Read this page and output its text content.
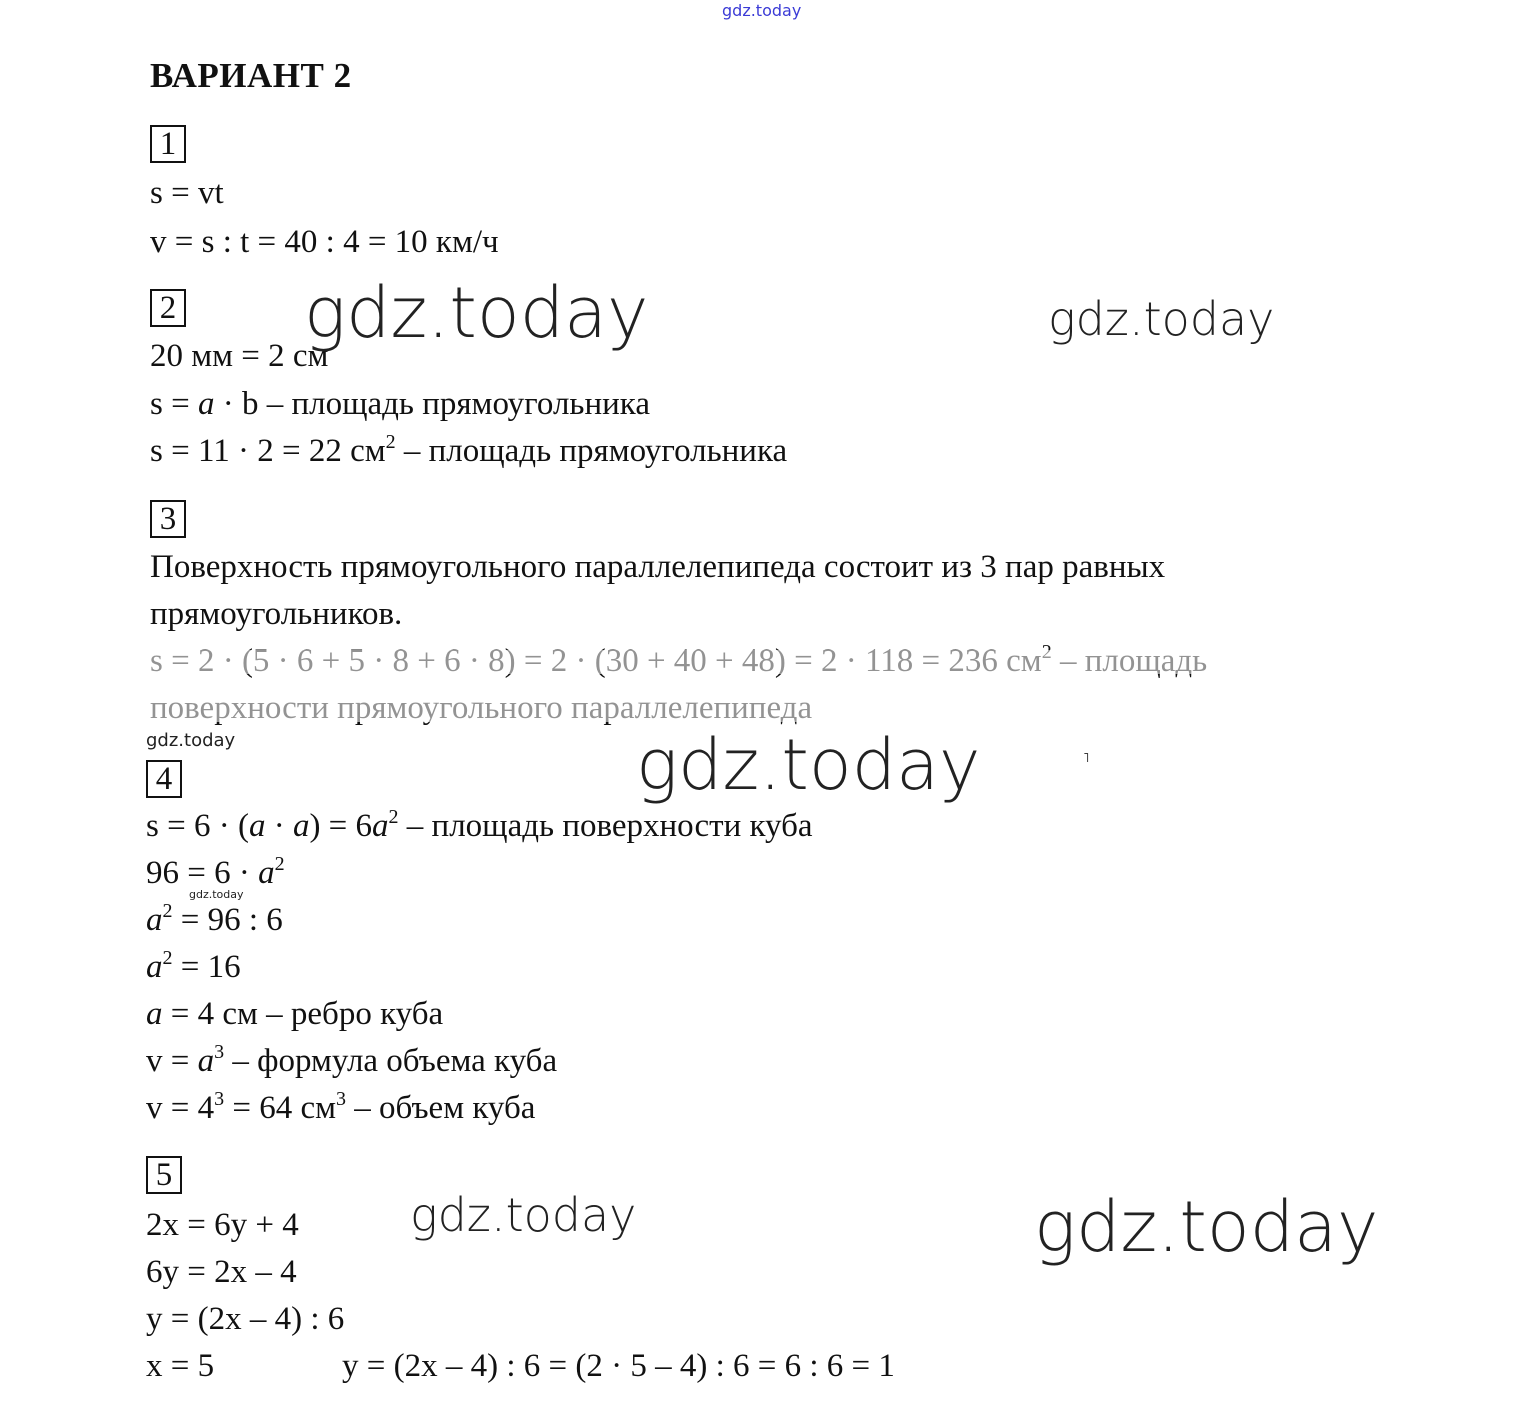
gdz.today
gdz.today	gdz.today
gdz.today
gdz.today
gdz.today
gdz.today	gdz.today
˥
ВАРИАНТ 2
1
s = vt
v = s : t = 40 : 4 = 10 км/ч
2
20 мм = 2 см
s = a · b – площадь прямоугольника
s = 11 · 2 = 22 $см^2$ – площадь прямоугольника
3
Поверхность прямоугольного параллелепипеда состоит из 3 пар равных
прямоугольников.
4
$s = 6 \cdot (a \cdot a) = 6a^2$ – площадь поверхности куба
$96 = 6 \cdot a^2$
$a^2 = 96$ : 6
$a^2 = 16$
a = 4 см – ребро куба
$v = a^3$ – формула объема куба
$v = 4^3 = 64$ $см^3$ – объем куба
5
2x = 6y + 4
6y = 2x – 4
y = (2x – 4) : 6
x = 5	y = (2x – 4) : 6 = (2 · 5 – 4) : 6 = 6 : 6 = 1
